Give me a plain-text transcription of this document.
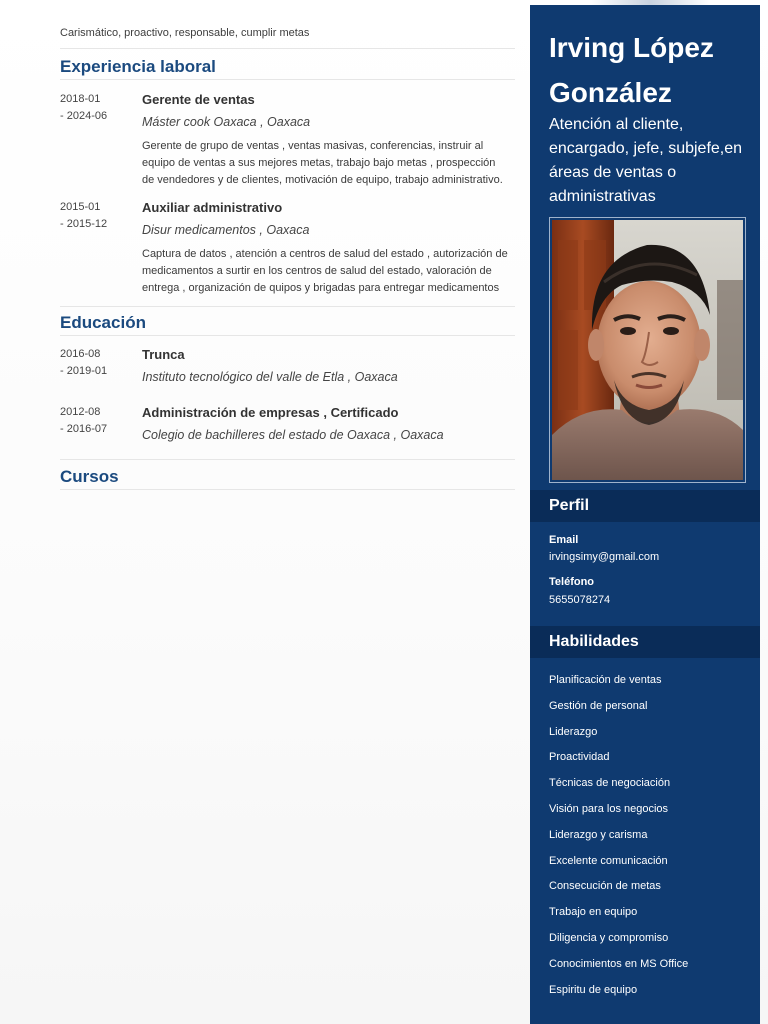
Carismático, proactivo, responsable, cumplir metas
Experiencia laboral
2018-01
- 2024-06
Gerente de ventas
Máster cook Oaxaca , Oaxaca
Gerente de grupo de ventas , ventas masivas, conferencias, instruir al equipo de ventas a sus mejores metas, trabajo bajo metas , prospección de vendedores y de clientes, motivación de equipo, trabajo administrativo.
2015-01
- 2015-12
Auxiliar administrativo
Disur medicamentos , Oaxaca
Captura de datos , atención a centros de salud del estado , autorización de medicamentos a surtir en los centros de salud del estado, valoración de entrega , organización de quipos y brigadas para entregar medicamentos
Educación
2016-08
- 2019-01
Trunca
Instituto tecnológico del valle de Etla , Oaxaca
2012-08
- 2016-07
Administración de empresas , Certificado
Colegio de bachilleres del estado de Oaxaca , Oaxaca
Cursos
Irving López González
Atención al cliente, encargado, jefe, subjefe,en áreas de ventas o administrativas
Perfil
Email
irvingsimy@gmail.com
Teléfono
5655078274
Habilidades
Planificación de ventas
Gestión de personal
Liderazgo
Proactividad
Técnicas de negociación
Visión para los negocios
Liderazgo y carisma
Excelente comunicación
Consecución de metas
Trabajo en equipo
Diligencia y compromiso
Conocimientos en MS Office
Espiritu de equipo
